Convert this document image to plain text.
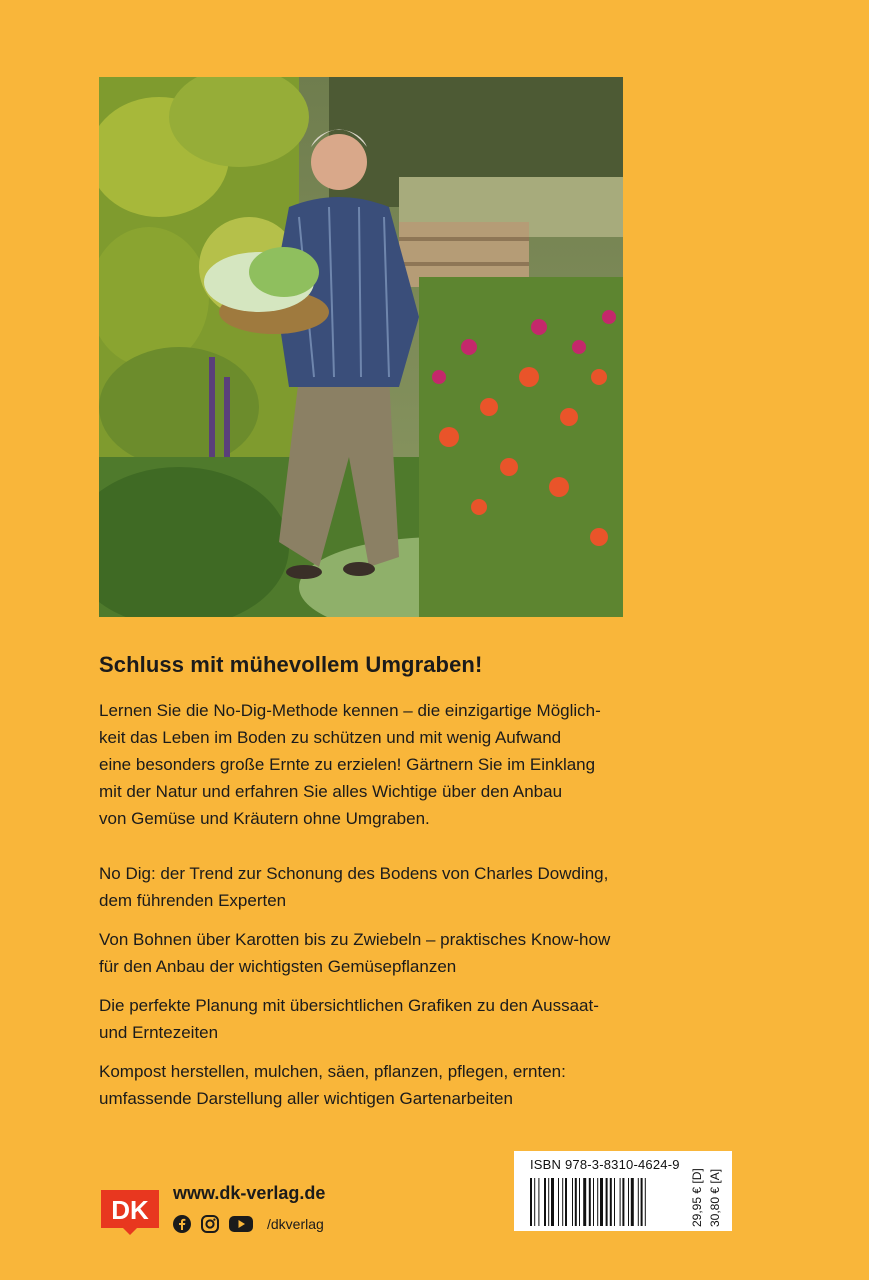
Schluss mit mühevollem Umgraben!
Lernen Sie die No-Dig-Methode kennen – die einzigartige Möglich-
keit das Leben im Boden zu schützen und mit wenig Aufwand
eine besonders große Ernte zu erzielen! Gärtnern Sie im Einklang
mit der Natur und erfahren Sie alles Wichtige über den Anbau
von Gemüse und Kräutern ohne Umgraben.
No Dig: der Trend zur Schonung des Bodens von Charles Dowding,
dem führenden Experten
Von Bohnen über Karotten bis zu Zwiebeln – praktisches Know-how
für den Anbau der wichtigsten Gemüsepflanzen
Die perfekte Planung mit übersichtlichen Grafiken zu den Aussaat-
und Erntezeiten
Kompost herstellen, mulchen, säen, pflanzen, pflegen, ernten:
umfassende Darstellung aller wichtigen Gartenarbeiten
DK
www.dk-verlag.de
/dkverlag
ISBN 978-3-8310-4624-9
29,95 € [D] 30,80 € [A]
